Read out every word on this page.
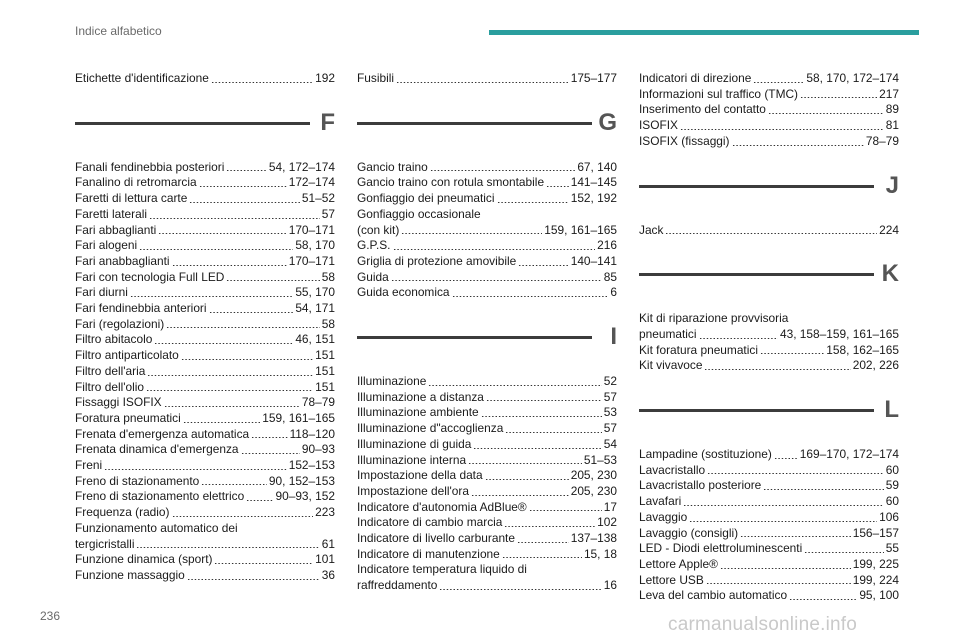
Indice alfabetico
Etichette d'identificazione	192
F
Fanali fendinebbia posteriori	54, 172–174
Fanalino di retromarcia	172–174
Faretti di lettura carte	51–52
Faretti laterali	57
Fari abbaglianti	170–171
Fari alogeni	58, 170
Fari anabbaglianti	170–171
Fari con tecnologia Full LED	58
Fari diurni	55, 170
Fari fendinebbia anteriori	54, 171
Fari (regolazioni)	58
Filtro abitacolo	46, 151
Filtro antiparticolato	151
Filtro dell'aria	151
Filtro dell'olio	151
Fissaggi ISOFIX	78–79
Foratura pneumatici	159, 161–165
Frenata d'emergenza automatica	118–120
Frenata dinamica d'emergenza	90–93
Freni	152–153
Freno di stazionamento	90, 152–153
Freno di stazionamento elettrico	90–93, 152
Frequenza (radio)	223
Funzionamento automatico dei
tergicristalli	61
Funzione dinamica (sport)	101
Funzione massaggio	36
Fusibili	175–177
G
Gancio traino	67, 140
Gancio traino con rotula smontabile 141–145
Gonfiaggio dei pneumatici	152, 192
Gonfiaggio occasionale
(con kit)	159, 161–165
G.P.S.	216
Griglia di protezione amovibile	140–141
Guida	85
Guida economica	6
I
Illuminazione	52
Illuminazione a distanza	57
Illuminazione ambiente	53
Illuminazione d"accoglienza	57
Illuminazione di guida	54
Illuminazione interna	51–53
Impostazione della data	205, 230
Impostazione dell'ora	205, 230
Indicatore d'autonomia AdBlue®	17
Indicatore di cambio marcia	102
Indicatore di livello carburante	137–138
Indicatore di manutenzione	15, 18
Indicatore temperatura liquido di
raffreddamento	16
Indicatori di direzione	58, 170, 172–174
Informazioni sul traffico (TMC)	217
Inserimento del contatto	89
ISOFIX	81
ISOFIX (fissaggi)	78–79
J
Jack	224
K
Kit di riparazione provvisoria
pneumatici	43, 158–159, 161–165
Kit foratura pneumatici	158, 162–165
Kit vivavoce	202, 226
L
Lampadine (sostituzione) 169–170, 172–174
Lavacristallo	60
Lavacristallo posteriore	59
Lavafari	60
Lavaggio	106
Lavaggio (consigli)	156–157
LED - Diodi elettroluminescenti	55
Lettore Apple®	199, 225
Lettore USB	199, 224
Leva del cambio automatico	95, 100
236	carmanualsonline.info
